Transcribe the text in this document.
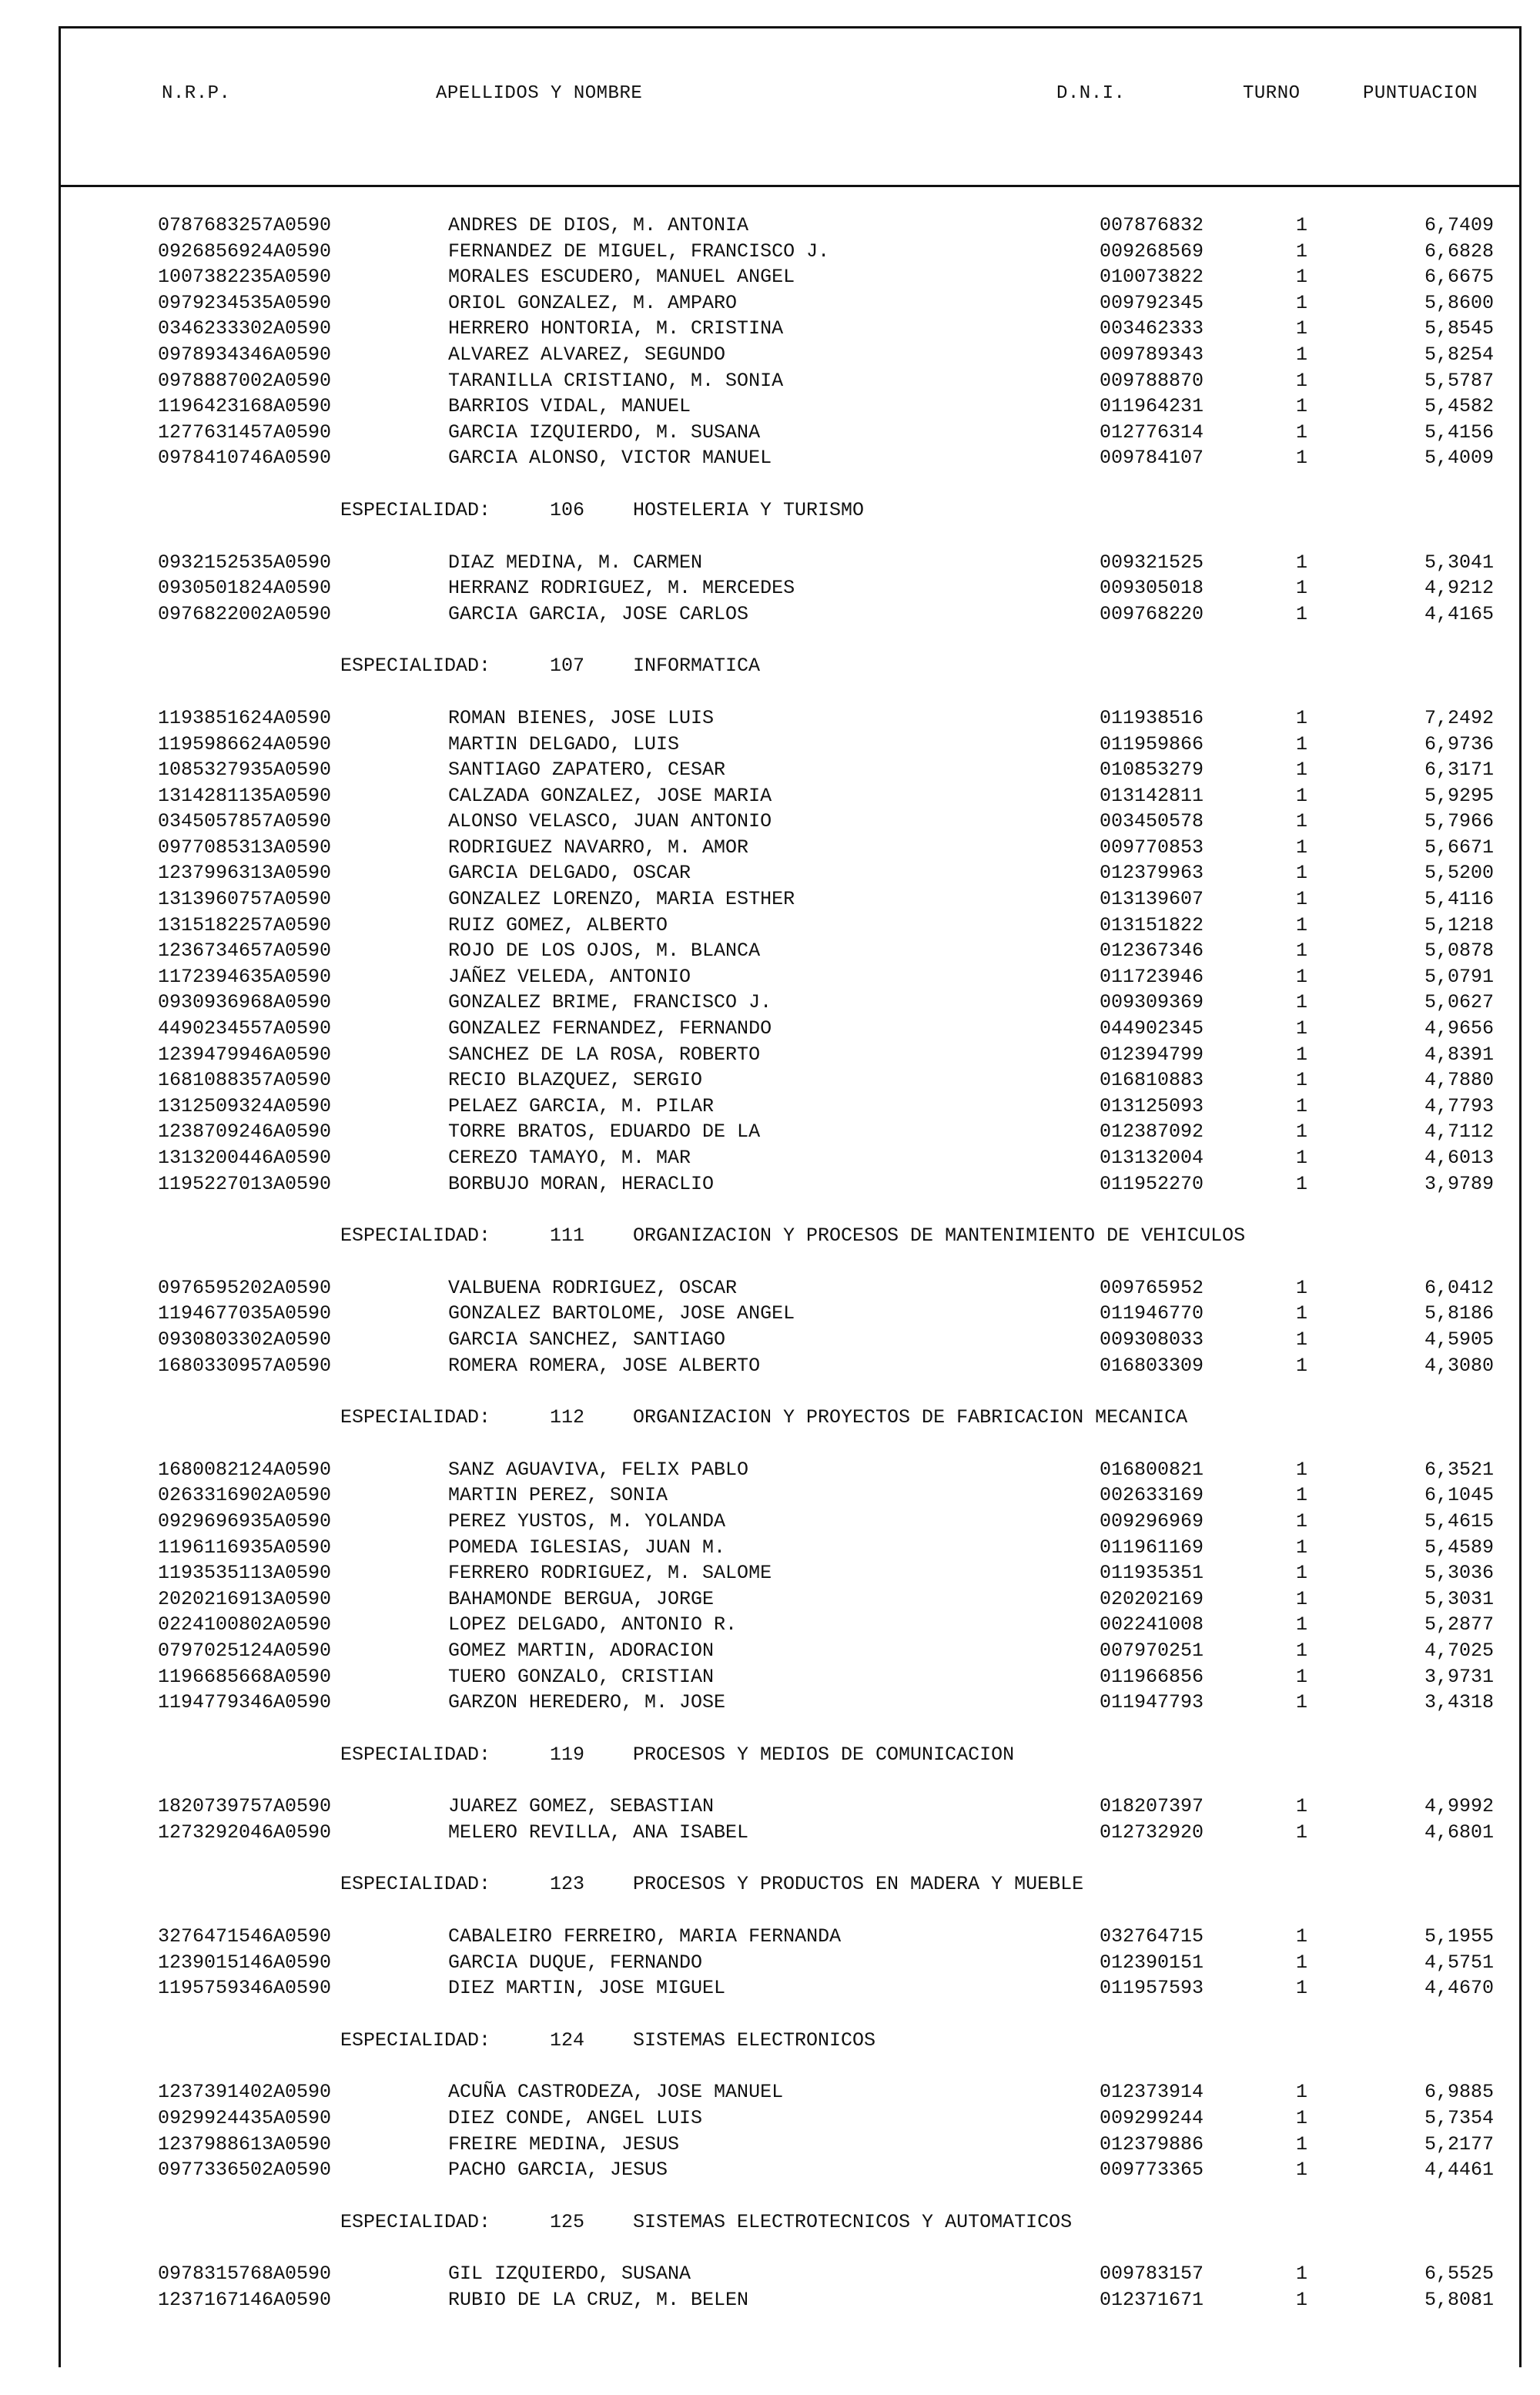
N.R.P.	APELLIDOS Y NOMBRE	D.N.I.	TURNO	PUNTUACION
0787683257A0590	ANDRES DE DIOS, M. ANTONIA	007876832	1	6,7409
0926856924A0590	FERNANDEZ DE MIGUEL, FRANCISCO J.	009268569	1	6,6828
1007382235A0590	MORALES ESCUDERO, MANUEL ANGEL	010073822	1	6,6675
0979234535A0590	ORIOL GONZALEZ, M. AMPARO	009792345	1	5,8600
0346233302A0590	HERRERO HONTORIA, M. CRISTINA	003462333	1	5,8545
0978934346A0590	ALVAREZ ALVAREZ, SEGUNDO	009789343	1	5,8254
0978887002A0590	TARANILLA CRISTIANO, M. SONIA	009788870	1	5,5787
1196423168A0590	BARRIOS VIDAL, MANUEL	011964231	1	5,4582
1277631457A0590	GARCIA IZQUIERDO, M. SUSANA	012776314	1	5,4156
0978410746A0590	GARCIA ALONSO, VICTOR MANUEL	009784107	1	5,4009
ESPECIALIDAD:	106	HOSTELERIA Y TURISMO
0932152535A0590	DIAZ MEDINA, M. CARMEN	009321525	1	5,3041
0930501824A0590	HERRANZ RODRIGUEZ, M. MERCEDES	009305018	1	4,9212
0976822002A0590	GARCIA GARCIA, JOSE CARLOS	009768220	1	4,4165
ESPECIALIDAD:	107	INFORMATICA
1193851624A0590	ROMAN BIENES, JOSE LUIS	011938516	1	7,2492
1195986624A0590	MARTIN DELGADO, LUIS	011959866	1	6,9736
1085327935A0590	SANTIAGO ZAPATERO, CESAR	010853279	1	6,3171
1314281135A0590	CALZADA GONZALEZ, JOSE MARIA	013142811	1	5,9295
0345057857A0590	ALONSO VELASCO, JUAN ANTONIO	003450578	1	5,7966
0977085313A0590	RODRIGUEZ NAVARRO, M. AMOR	009770853	1	5,6671
1237996313A0590	GARCIA DELGADO, OSCAR	012379963	1	5,5200
1313960757A0590	GONZALEZ LORENZO, MARIA ESTHER	013139607	1	5,4116
1315182257A0590	RUIZ GOMEZ, ALBERTO	013151822	1	5,1218
1236734657A0590	ROJO DE LOS OJOS, M. BLANCA	012367346	1	5,0878
1172394635A0590	JAÑEZ VELEDA, ANTONIO	011723946	1	5,0791
0930936968A0590	GONZALEZ BRIME, FRANCISCO J.	009309369	1	5,0627
4490234557A0590	GONZALEZ FERNANDEZ, FERNANDO	044902345	1	4,9656
1239479946A0590	SANCHEZ DE LA ROSA, ROBERTO	012394799	1	4,8391
1681088357A0590	RECIO BLAZQUEZ, SERGIO	016810883	1	4,7880
1312509324A0590	PELAEZ GARCIA, M. PILAR	013125093	1	4,7793
1238709246A0590	TORRE BRATOS, EDUARDO DE LA	012387092	1	4,7112
1313200446A0590	CEREZO TAMAYO, M. MAR	013132004	1	4,6013
1195227013A0590	BORBUJO MORAN, HERACLIO	011952270	1	3,9789
ESPECIALIDAD:	111	ORGANIZACION Y PROCESOS DE MANTENIMIENTO DE VEHICULOS
0976595202A0590	VALBUENA RODRIGUEZ, OSCAR	009765952	1	6,0412
1194677035A0590	GONZALEZ BARTOLOME, JOSE ANGEL	011946770	1	5,8186
0930803302A0590	GARCIA SANCHEZ, SANTIAGO	009308033	1	4,5905
1680330957A0590	ROMERA ROMERA, JOSE ALBERTO	016803309	1	4,3080
ESPECIALIDAD:	112	ORGANIZACION Y PROYECTOS DE FABRICACION MECANICA
1680082124A0590	SANZ AGUAVIVA, FELIX PABLO	016800821	1	6,3521
0263316902A0590	MARTIN PEREZ, SONIA	002633169	1	6,1045
0929696935A0590	PEREZ YUSTOS, M. YOLANDA	009296969	1	5,4615
1196116935A0590	POMEDA IGLESIAS, JUAN M.	011961169	1	5,4589
1193535113A0590	FERRERO RODRIGUEZ, M. SALOME	011935351	1	5,3036
2020216913A0590	BAHAMONDE BERGUA, JORGE	020202169	1	5,3031
0224100802A0590	LOPEZ DELGADO, ANTONIO R.	002241008	1	5,2877
0797025124A0590	GOMEZ MARTIN, ADORACION	007970251	1	4,7025
1196685668A0590	TUERO GONZALO, CRISTIAN	011966856	1	3,9731
1194779346A0590	GARZON HEREDERO, M. JOSE	011947793	1	3,4318
ESPECIALIDAD:	119	PROCESOS Y MEDIOS DE COMUNICACION
1820739757A0590	JUAREZ GOMEZ, SEBASTIAN	018207397	1	4,9992
1273292046A0590	MELERO REVILLA, ANA ISABEL	012732920	1	4,6801
ESPECIALIDAD:	123	PROCESOS Y PRODUCTOS EN MADERA Y MUEBLE
3276471546A0590	CABALEIRO FERREIRO, MARIA FERNANDA	032764715	1	5,1955
1239015146A0590	GARCIA DUQUE, FERNANDO	012390151	1	4,5751
1195759346A0590	DIEZ MARTIN, JOSE MIGUEL	011957593	1	4,4670
ESPECIALIDAD:	124	SISTEMAS ELECTRONICOS
1237391402A0590	ACUÑA CASTRODEZA, JOSE MANUEL	012373914	1	6,9885
0929924435A0590	DIEZ CONDE, ANGEL LUIS	009299244	1	5,7354
1237988613A0590	FREIRE MEDINA, JESUS	012379886	1	5,2177
0977336502A0590	PACHO GARCIA, JESUS	009773365	1	4,4461
ESPECIALIDAD:	125	SISTEMAS ELECTROTECNICOS Y AUTOMATICOS
0978315768A0590	GIL IZQUIERDO, SUSANA	009783157	1	6,5525
1237167146A0590	RUBIO DE LA CRUZ, M. BELEN	012371671	1	5,8081
